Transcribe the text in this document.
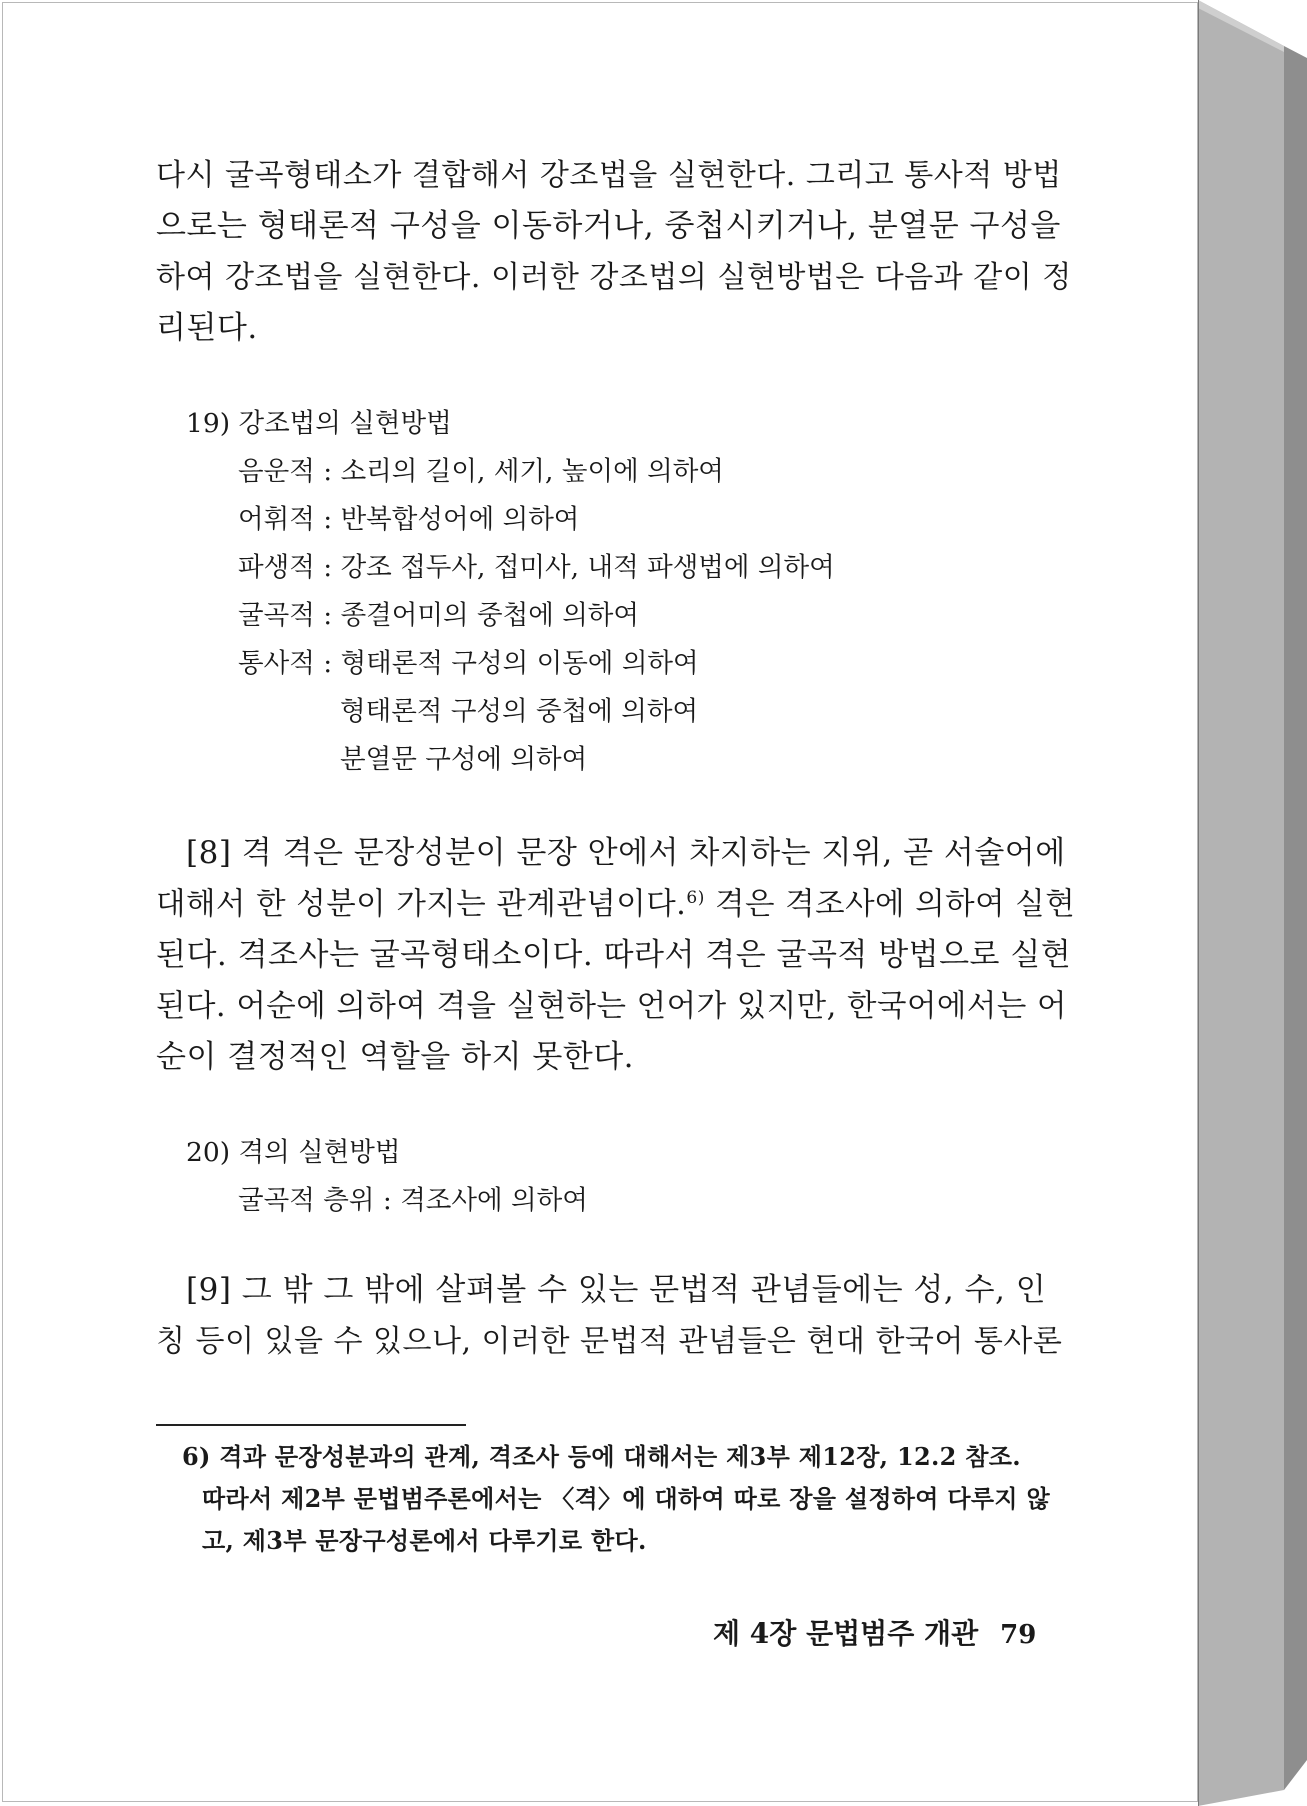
다시 굴곡형태소가 결합해서 강조법을 실현한다. 그리고 통사적 방법
으로는 형태론적 구성을 이동하거나, 중첩시키거나, 분열문 구성을
하여 강조법을 실현한다. 이러한 강조법의 실현방법은 다음과 같이 정
리된다.

19) 강조법의 실현방법
음운적 : 소리의 길이, 세기, 높이에 의하여
어휘적 : 반복합성어에 의하여
파생적 : 강조 접두사, 접미사, 내적 파생법에 의하여
굴곡적 : 종결어미의 중첩에 의하여
통사적 : 형태론적 구성의 이동에 의하여
형태론적 구성의 중첩에 의하여
분열문 구성에 의하여

[8] 격 격은 문장성분이 문장 안에서 차지하는 지위, 곧 서술어에
대해서 한 성분이 가지는 관계관념이다.$^{6)}$ 격은 격조사에 의하여 실현
된다. 격조사는 굴곡형태소이다. 따라서 격은 굴곡적 방법으로 실현
된다. 어순에 의하여 격을 실현하는 언어가 있지만, 한국어에서는 어
순이 결정적인 역할을 하지 못한다.

20) 격의 실현방법
굴곡적 층위 : 격조사에 의하여

[9] 그 밖 그 밖에 살펴볼 수 있는 문법적 관념들에는 성, 수, 인
칭 등이 있을 수 있으나, 이러한 문법적 관념들은 현대 한국어 통사론

6) 격과 문장성분과의 관계, 격조사 등에 대해서는 제3부 제12장, 12.2 참조.
따라서 제2부 문법범주론에서는 〈격〉에 대하여 따로 장을 설정하여 다루지 않
고, 제3부 문장구성론에서 다루기로 한다.
제 4장 문법범주 개관 79
